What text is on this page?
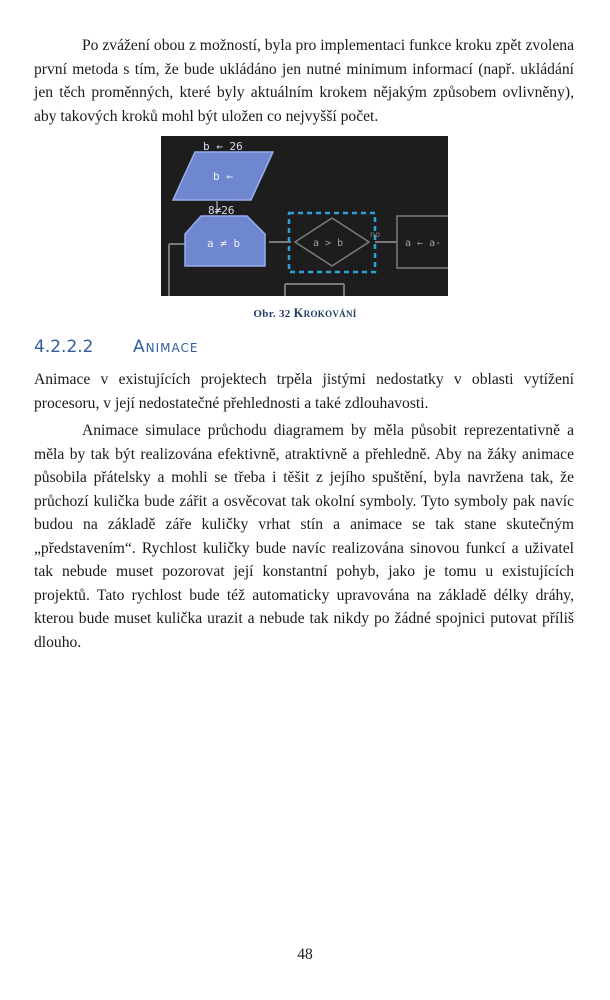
Po zvážení obou z možností, byla pro implementaci funkce kroku zpět zvolena první metoda s tím, že bude ukládáno jen nutné minimum informací (např. ukládání jen těch proměnných, které byly aktuálním krokem nějakým způsobem ovlivněny), aby takových kroků mohl být uložen co nejvyšší počet.

b ← 26
b ←
8≠26
a ≠ b	a > b
no
a ← a-
Obr. 32 Krokování
4.2.2.2 Animace

Animace v existujících projektech trpěla jistými nedostatky v oblasti vytížení procesoru, v její nedostatečné přehlednosti a také zdlouhavosti.

Animace simulace průchodu diagramem by měla působit reprezentativně a měla by tak být realizována efektivně, atraktivně a přehledně. Aby na žáky animace působila přátelsky a mohli se třeba i těšit z jejího spuštění, byla navržena tak, že průchozí kulička bude zářit a osvěcovat tak okolní symboly. Tyto symboly pak navíc budou na základě záře kuličky vrhat stín a animace se tak stane skutečným „představením“. Rychlost kuličky bude navíc realizována sinovou funkcí a uživatel tak nebude muset pozorovat její konstantní pohyb, jako je tomu u existujících projektů. Tato rychlost bude též automaticky upravována na základě délky dráhy, kterou bude muset kulička urazit a nebude tak nikdy po žádné spojnici putovat příliš dlouho.

48
